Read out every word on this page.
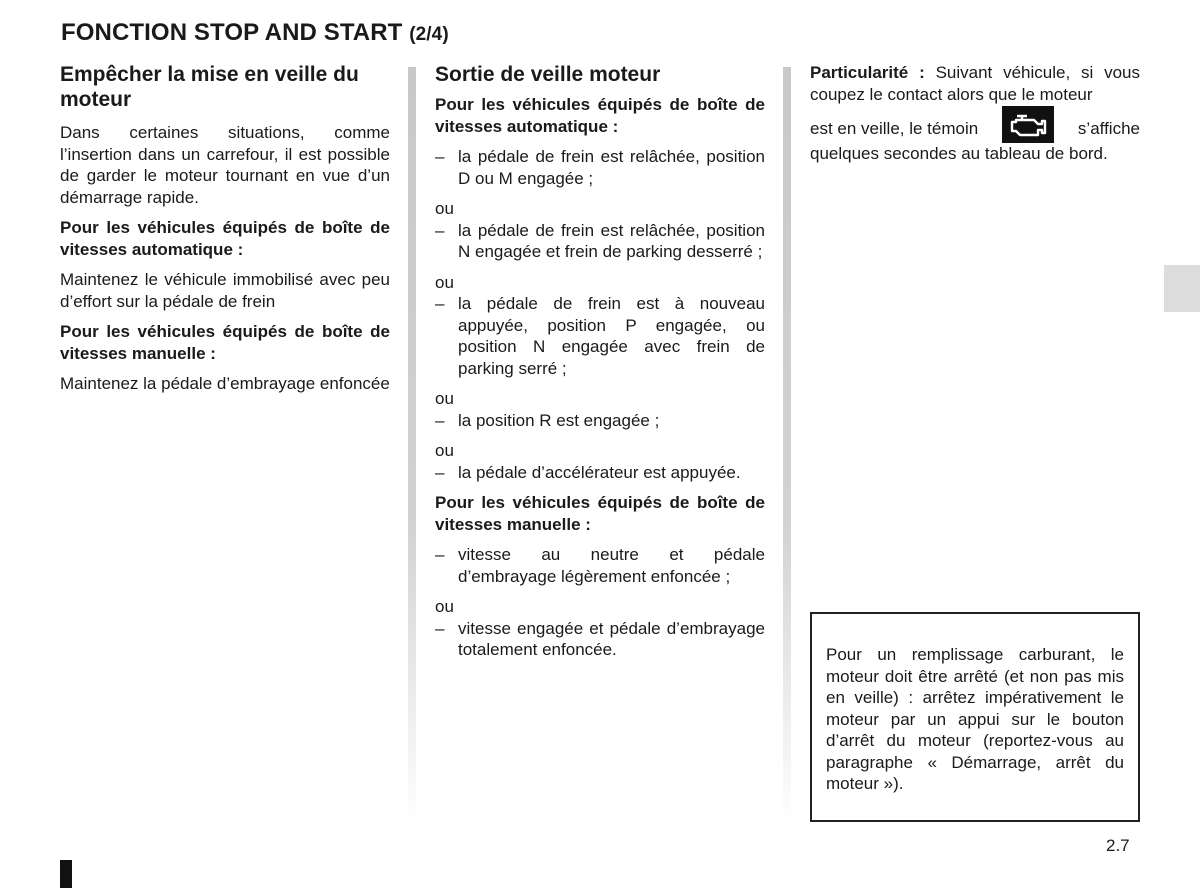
FONCTION STOP AND START (2/4)
Empêcher la mise en veille du moteur

Dans certaines situations, comme l’insertion dans un carrefour, il est possible de garder le moteur tournant en vue d’un démarrage rapide.

Pour les véhicules équipés de boîte de vitesses automatique :

Maintenez le véhicule immobilisé avec peu d’effort sur la pédale de frein

Pour les véhicules équipés de boîte de vitesses manuelle :

Maintenez la pédale d’embrayage enfoncée

Sortie de veille moteur

Pour les véhicules équipés de boîte de vitesses automatique :

– la pédale de frein est relâchée, position D ou M engagée ;
ou
– la pédale de frein est relâchée, position N engagée et frein de parking desserré ;
ou
– la pédale de frein est à nouveau appuyée, position P engagée, ou position N engagée avec frein de parking serré ;
ou
– la position R est engagée ;
ou
– la pédale d’accélérateur est appuyée.

Pour les véhicules équipés de boîte de vitesses manuelle :

– vitesse au neutre et pédale d’embrayage légèrement enfoncée ;
ou
– vitesse engagée et pédale d’embrayage totalement enfoncée.

Particularité : Suivant véhicule, si vous coupez le contact alors que le moteur

est en veille, le témoin	s’affiche

quelques secondes au tableau de bord.

Pour un remplissage carburant, le moteur doit être arrêté (et non pas mis en veille) : arrêtez impérativement le moteur par un appui sur le bouton d’arrêt du moteur (reportez-vous au paragraphe « Démarrage, arrêt du moteur »).
2.7
